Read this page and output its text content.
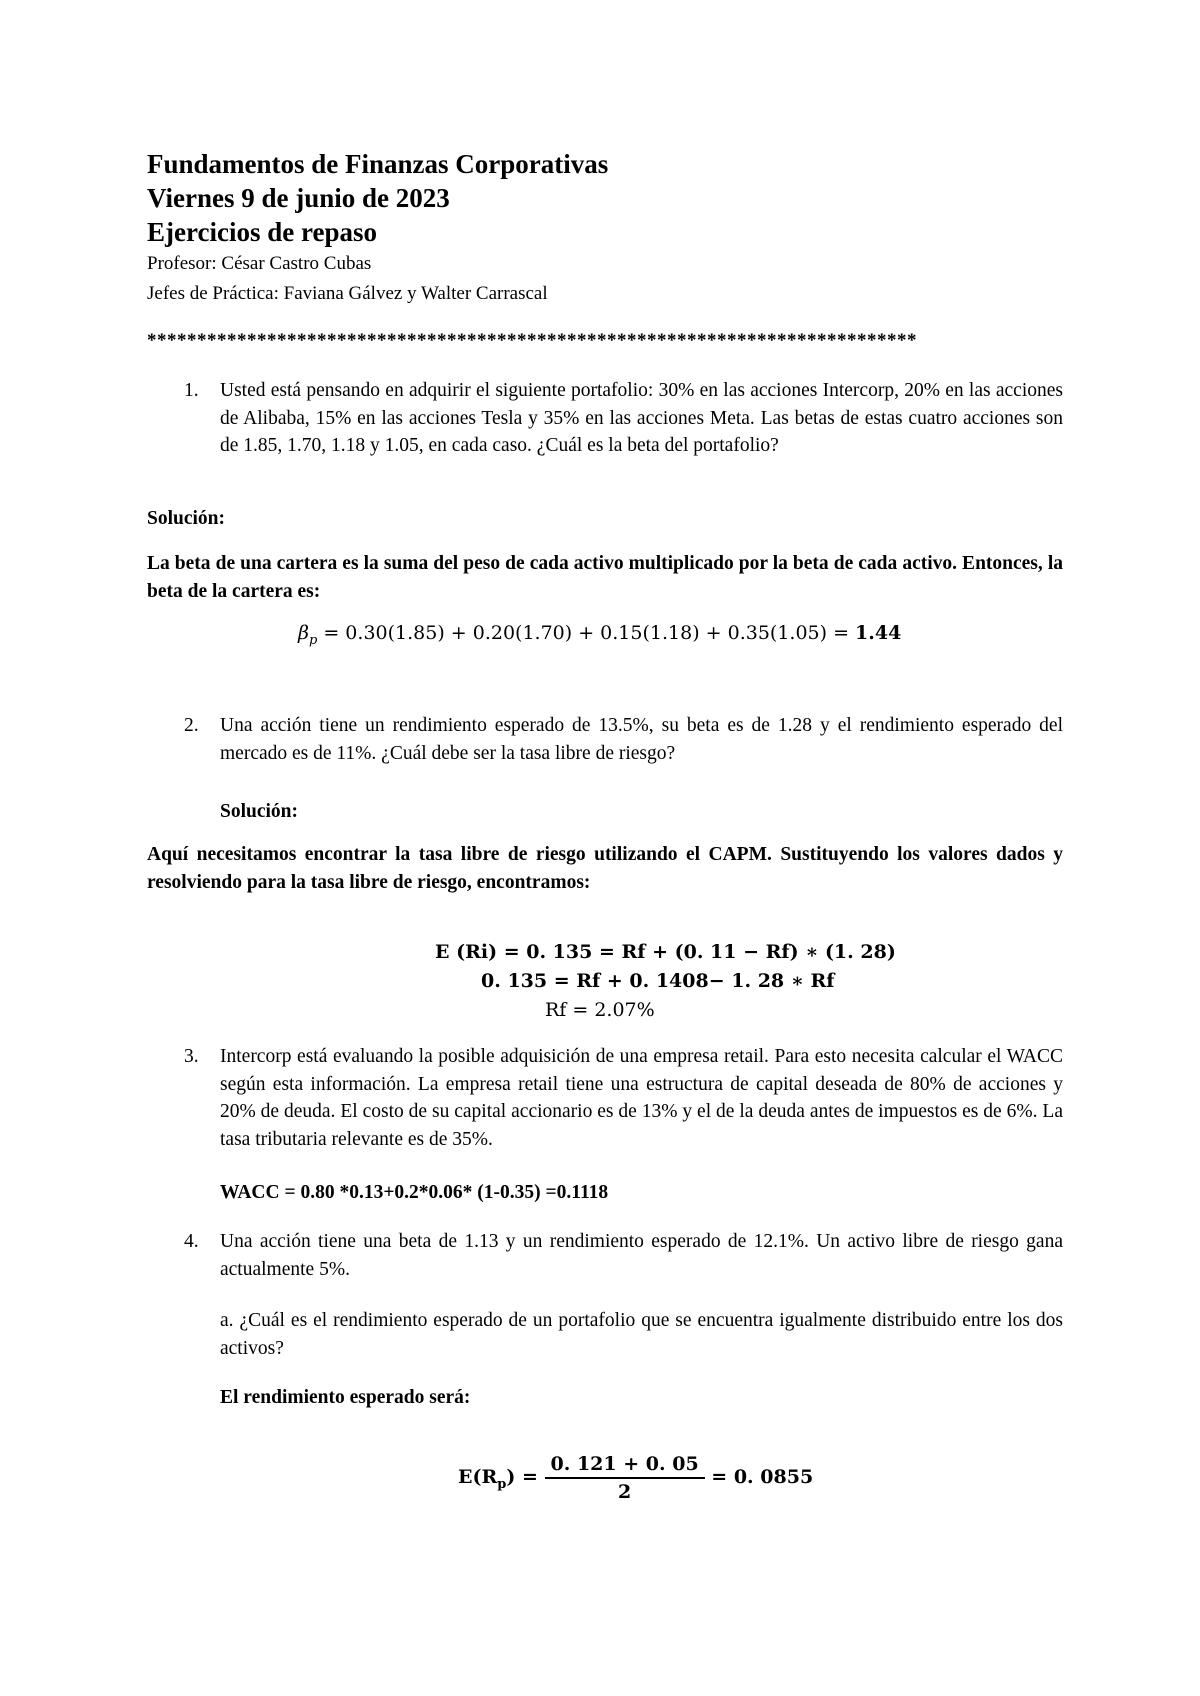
Fundamentos de Finanzas Corporativas
Viernes 9 de junio de 2023
Ejercicios de repaso
Profesor: César Castro Cubas
Jefes de Práctica: Faviana Gálvez y Walter Carrascal
*****************************************************************************
1. Usted está pensando en adquirir el siguiente portafolio: 30% en las acciones Intercorp, 20% en las acciones de Alibaba, 15% en las acciones Tesla y 35% en las acciones Meta. Las betas de estas cuatro acciones son de 1.85, 1.70, 1.18 y 1.05, en cada caso. ¿Cuál es la beta del portafolio?
Solución:
La beta de una cartera es la suma del peso de cada activo multiplicado por la beta de cada activo. Entonces, la beta de la cartera es:
$\beta_p = 0.30(1.85) + 0.20(1.70) + 0.15(1.18) + 0.35(1.05) = 1.44$
2. Una acción tiene un rendimiento esperado de 13.5%, su beta es de 1.28 y el rendimiento esperado del mercado es de 11%. ¿Cuál debe ser la tasa libre de riesgo?
Solución:
Aquí necesitamos encontrar la tasa libre de riesgo utilizando el CAPM. Sustituyendo los valores dados y resolviendo para la tasa libre de riesgo, encontramos:
E (Ri) = 0. 135 = Rf + (0. 11 − Rf) ∗ (1. 28)
0. 135 = Rf + 0. 1408− 1. 28 ∗ Rf
Rf = 2.07%
3. Intercorp está evaluando la posible adquisición de una empresa retail. Para esto necesita calcular el WACC según esta información. La empresa retail tiene una estructura de capital deseada de 80% de acciones y 20% de deuda. El costo de su capital accionario es de 13% y el de la deuda antes de impuestos es de 6%. La tasa tributaria relevante es de 35%.
WACC = 0.80 *0.13+0.2*0.06* (1-0.35) =0.1118
4. Una acción tiene una beta de 1.13 y un rendimiento esperado de 12.1%. Un activo libre de riesgo gana actualmente 5%.
a. ¿Cuál es el rendimiento esperado de un portafolio que se encuentra igualmente distribuido entre los dos activos?
El rendimiento esperado será:
$E(R_p) = \frac{0. 121 + 0. 05}{2} = 0$. 0855
